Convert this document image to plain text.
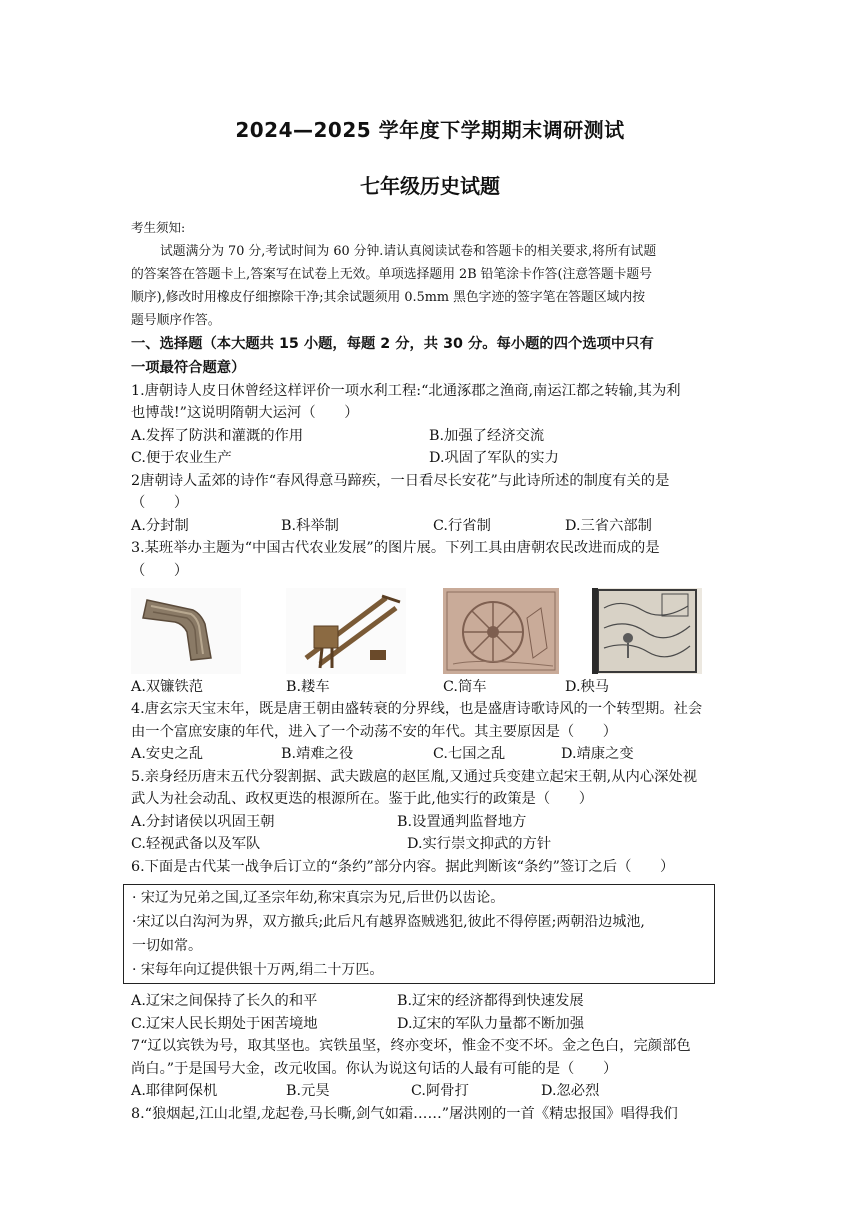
2024—2025 学年度下学期期末调研测试
七年级历史试题
考生须知:
试题满分为 70 分,考试时间为 60 分钟.请认真阅读试卷和答题卡的相关要求,将所有试题
的答案答在答题卡上,答案写在试卷上无效。单项选择题用 2B 铅笔涂卡作答(注意答题卡题号
顺序),修改时用橡皮仔细擦除干净;其余试题须用 0.5mm 黑色字迹的签字笔在答题区域内按
题号顺序作答。
一、选择题（本大题共 15 小题，每题 2 分，共 30 分。每小题的四个选项中只有
一项最符合题意）
1.唐朝诗人皮日休曾经这样评价一项水利工程:“北通涿郡之渔商,南运江都之转输,其为利
也博哉!”这说明隋朝大运河（　　）
A.发挥了防洪和灌溉的作用	B.加强了经济交流
C.便于农业生产	D.巩固了军队的实力
2唐朝诗人孟郊的诗作“春风得意马蹄疾，一日看尽长安花”与此诗所述的制度有关的是
（　　）
A.分封制	B.科举制	C.行省制	D.三省六部制
3.某班举办主题为“中国古代农业发展”的图片展。下列工具由唐朝农民改进而成的是
（　　）
A.双镰铁范	B.耧车	C.筒车	D.秧马
4.唐玄宗天宝末年，既是唐王朝由盛转衰的分界线，也是盛唐诗歌诗风的一个转型期。社会
由一个富庶安康的年代，进入了一个动荡不安的年代。其主要原因是（　　）
A.安史之乱	B.靖难之役	C.七国之乱	D.靖康之变
5.亲身经历唐末五代分裂割据、武夫跋扈的赵匡胤,又通过兵变建立起宋王朝,从内心深处视
武人为社会动乱、政权更迭的根源所在。鉴于此,他实行的政策是（　　）
A.分封诸侯以巩固王朝	B.设置通判监督地方
C.轻视武备以及军队	D.实行崇文抑武的方针
6.下面是古代某一战争后订立的“条约”部分内容。据此判断该“条约”签订之后（　　）
· 宋辽为兄弟之国,辽圣宗年幼,称宋真宗为兄,后世仍以齿论。
·宋辽以白沟河为界，双方撤兵;此后凡有越界盗贼逃犯,彼此不得停匿;两朝沿边城池,
一切如常。
· 宋每年向辽提供银十万两,绢二十万匹。
A.辽宋之间保持了长久的和平	B.辽宋的经济都得到快速发展
C.辽宋人民长期处于困苦境地	D.辽宋的军队力量都不断加强
7“辽以宾铁为号，取其坚也。宾铁虽坚，终亦变坏，惟金不变不坏。金之色白，完颜部色
尚白。”于是国号大金，改元收国。你认为说这句话的人最有可能的是（　　）
A.耶律阿保机	B.元昊	C.阿骨打	D.忽必烈
8.“狼烟起,江山北望,龙起卷,马长嘶,剑气如霜……”屠洪刚的一首《精忠报国》唱得我们
